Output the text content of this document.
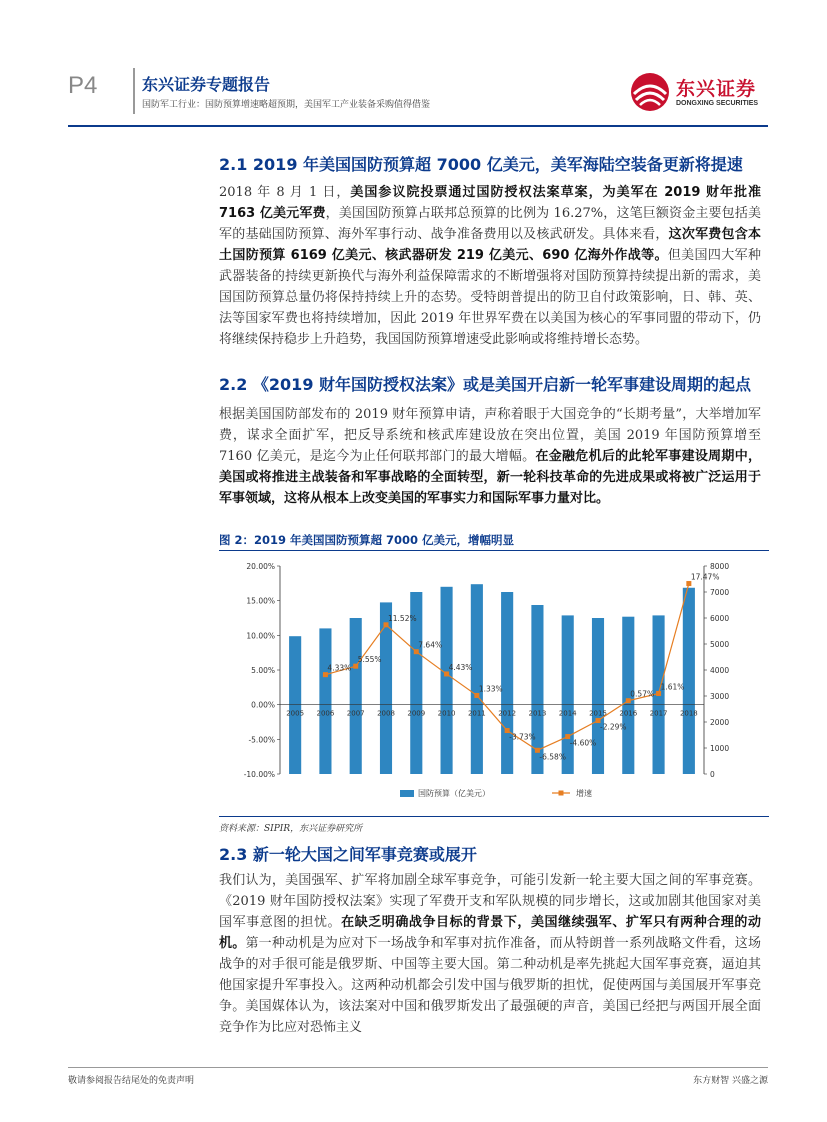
P4	东兴证券专题报告
国防军工行业：国防预算增速略超预期，美国军工产业装备采购值得借鉴
东兴证券
DONGXING SECURITIES
2.1 2019 年美国国防预算超 7000 亿美元，美军海陆空装备更新将提速
2018 年 8 月 1 日，美国参议院投票通过国防授权法案草案，为美军在 2019 财年批准 7163 亿美元军费，美国国防预算占联邦总预算的比例为 16.27%，这笔巨额资金主要包括美军的基础国防预算、海外军事行动、战争准备费用以及核武研发。具体来看，这次军费包含本土国防预算 6169 亿美元、核武器研发 219 亿美元、690 亿海外作战等。但美国四大军种武器装备的持续更新换代与海外利益保障需求的不断增强将对国防预算持续提出新的需求，美国国防预算总量仍将保持持续上升的态势。受特朗普提出的防卫自付政策影响，日、韩、英、法等国家军费也将持续增加，因此 2019 年世界军费在以美国为核心的军事同盟的带动下，仍将继续保持稳步上升趋势，我国国防预算增速受此影响或将维持增长态势。
2.2 《2019 财年国防授权法案》或是美国开启新一轮军事建设周期的起点
根据美国国防部发布的 2019 财年预算申请，声称着眼于大国竞争的“长期考量”，大举增加军费，谋求全面扩军，把反导系统和核武库建设放在突出位置，美国 2019 年国防预算增至 7160 亿美元，是迄今为止任何联邦部门的最大增幅。在金融危机后的此轮军事建设周期中，美国或将推进主战装备和军事战略的全面转型，新一轮科技革命的先进成果或将被广泛运用于军事领域，这将从根本上改变美国的军事实力和国际军事力量对比。
图 2：2019 年美国国防预算超 7000 亿美元，增幅明显
20.00%
15.00%
10.00%
5.00%
0.00%
-5.00%
-10.00%
8000
7000
6000
5000
4000
3000
2000
1000
0
2005 2006 2007 2008 2009 2010 2011 2012 2013 2014 2015 2016 2017 2018
4.33%
5.55%
11.52%
7.64%
4.43%
1.33%
-3.73%
-6.58%
-4.60%
-2.29%
0.57%
1.61%
17.47%
国防预算（亿美元）	增速
资料来源：SIPIR，东兴证券研究所
2.3 新一轮大国之间军事竞赛或展开
我们认为，美国强军、扩军将加剧全球军事竞争，可能引发新一轮主要大国之间的军事竞赛。《2019 财年国防授权法案》实现了军费开支和军队规模的同步增长，这或加剧其他国家对美国军事意图的担忧。在缺乏明确战争目标的背景下，美国继续强军、扩军只有两种合理的动机。第一种动机是为应对下一场战争和军事对抗作准备，而从特朗普一系列战略文件看，这场战争的对手很可能是俄罗斯、中国等主要大国。第二种动机是率先挑起大国军事竞赛，逼迫其他国家提升军事投入。这两种动机都会引发中国与俄罗斯的担忧，促使两国与美国展开军事竞争。美国媒体认为，该法案对中国和俄罗斯发出了最强硬的声音，美国已经把与两国开展全面竞争作为比应对恐怖主义
敬请参阅报告结尾处的免责声明	东方财智 兴盛之源
